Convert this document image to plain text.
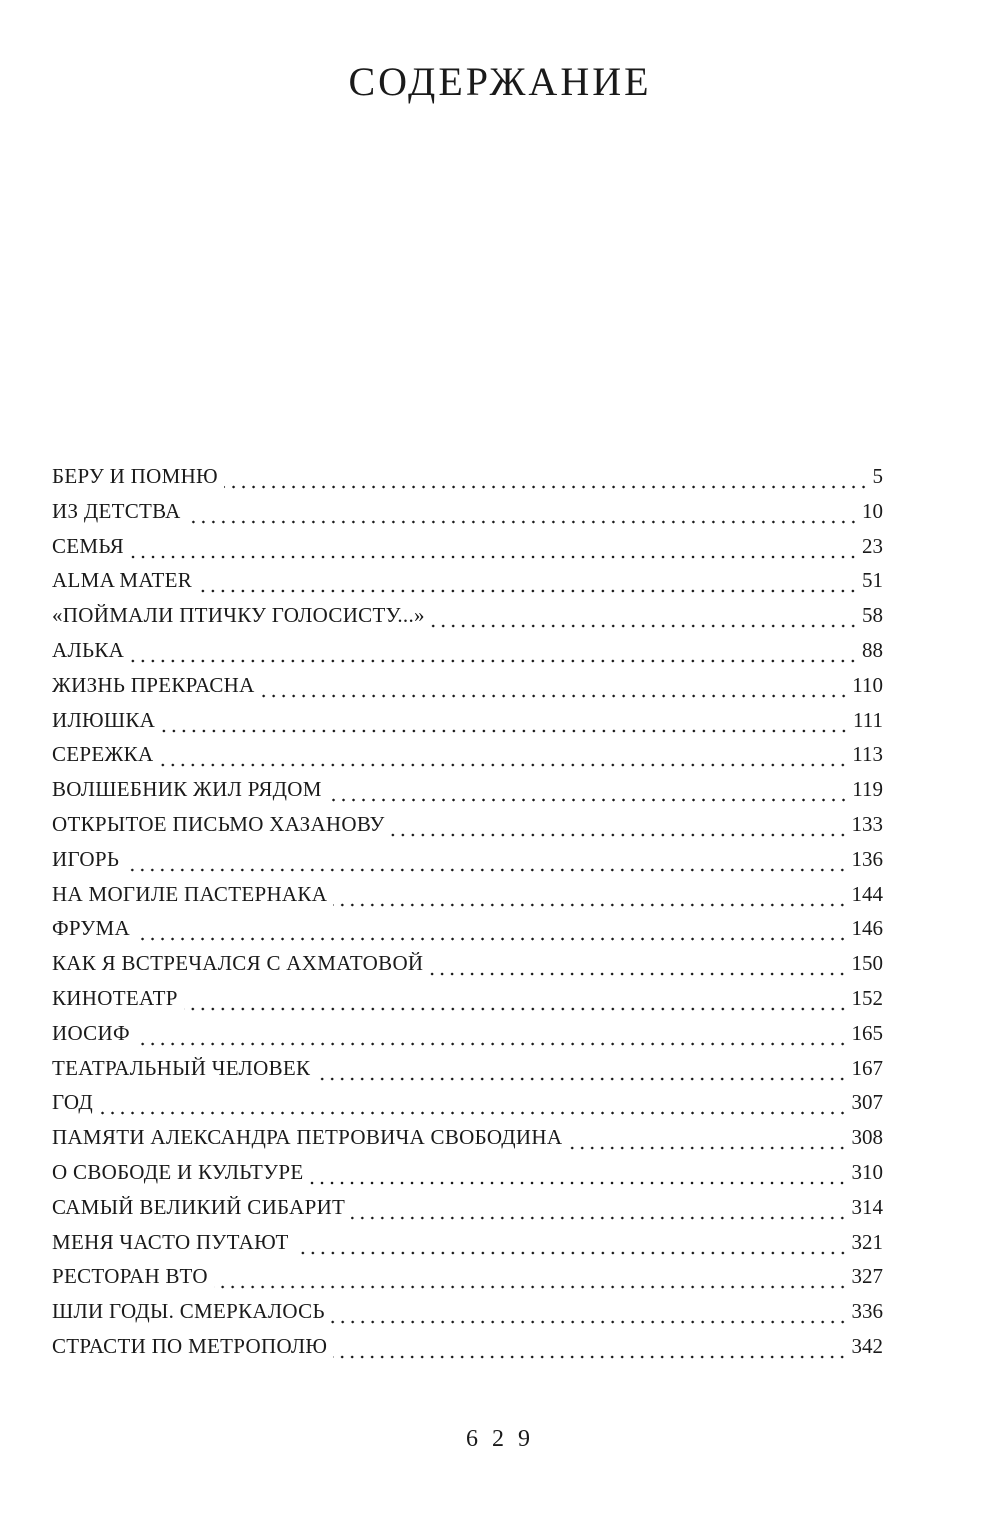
СОДЕРЖАНИЕ
БЕРУ И ПОМНЮ	5
ИЗ ДЕТСТВА	10
СЕМЬЯ	23
ALMA MATER	51
«ПОЙМАЛИ ПТИЧКУ ГОЛОСИСТУ...»	58
АЛЬКА	88
ЖИЗНЬ ПРЕКРАСНА	110
ИЛЮШКА	111
СЕРЕЖКА	113
ВОЛШЕБНИК ЖИЛ РЯДОМ	119
ОТКРЫТОЕ ПИСЬМО ХАЗАНОВУ	133
ИГОРЬ	136
НА МОГИЛЕ ПАСТЕРНАКА	144
ФРУМА	146
КАК Я ВСТРЕЧАЛСЯ С АХМАТОВОЙ	150
КИНОТЕАТР	152
ИОСИФ	165
ТЕАТРАЛЬНЫЙ ЧЕЛОВЕК	167
ГОД	307
ПАМЯТИ АЛЕКСАНДРА ПЕТРОВИЧА СВОБОДИНА	308
О СВОБОДЕ И КУЛЬТУРЕ	310
САМЫЙ ВЕЛИКИЙ СИБАРИТ	314
МЕНЯ ЧАСТО ПУТАЮТ	321
РЕСТОРАН ВТО	327
ШЛИ ГОДЫ. СМЕРКАЛОСЬ	336
СТРАСТИ ПО МЕТРОПОЛЮ	342
6 2 9
